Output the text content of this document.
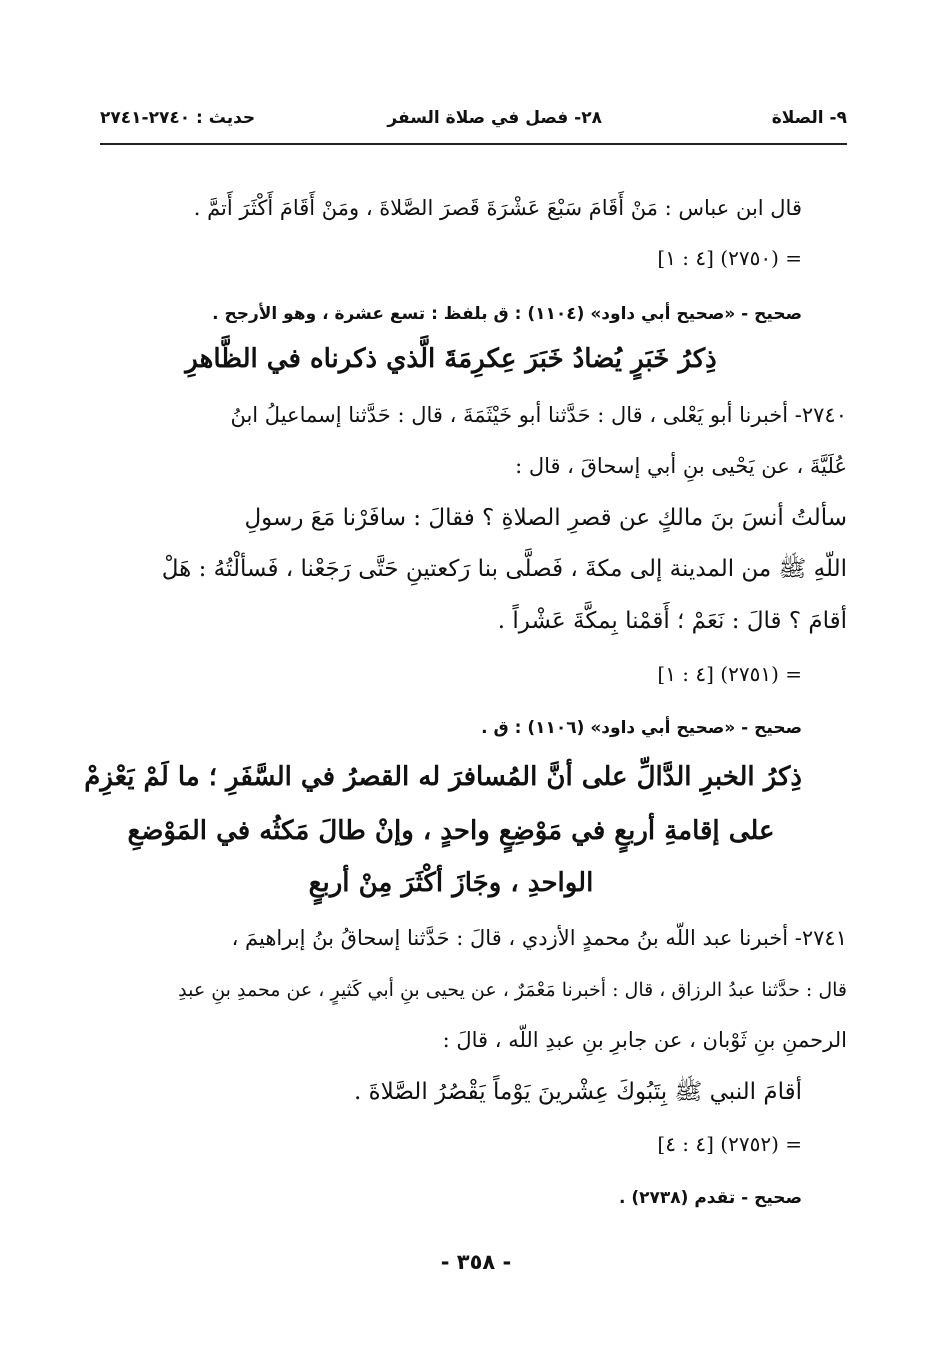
٩- الصلاة
٢٨- فصل في صلاة السفر
حديث : ٢٧٤٠-٢٧٤١
قال ابن عباس : مَنْ أَقَامَ سَبْعَ عَشْرَةَ قَصرَ الصَّلاةَ ، ومَنْ أَقَامَ أَكْثَرَ أَتمَّ .
= (٢٧٥٠) [٤ : ١]
صحيح - «صحيح أبي داود» (١١٠٤) : ق بلفظ : تسع عشرة ، وهو الأرجح .
ذِكرُ خَبَرٍ يُضادُ خَبَرَ عِكرِمَةَ الَّذي ذكرناه في الظَّاهرِ
٢٧٤٠- أخبرنا أبو يَعْلى ، قال : حَدَّثنا أبو خَيْثَمَةَ ، قال : حَدَّثنا إسماعيلُ ابنُ
عُلَيَّةَ ، عن يَحْيى بنِ أبي إسحاقَ ، قال :
سألتُ أنسَ بنَ مالكٍ عن قصرِ الصلاةِ ؟ فقالَ : سافَرْنا مَعَ رسولِ
اللّهِ ﷺ من المدينة إلى مكةَ ، فَصلَّى بنا رَكعتينِ حَتَّى رَجَعْنا ، فَسألْتُهُ : هَلْ
أقامَ ؟ قالَ : نَعَمْ ؛ أَقمْنا بِمكَّةَ عَشْراً .
= (٢٧٥١) [٤ : ١]
صحيح - «صحيح أبي داود» (١١٠٦) : ق .
ذِكرُ الخبرِ الدَّالِّ على أنَّ المُسافرَ له القصرُ في السَّفَرِ ؛ ما لَمْ يَعْزِمْ
على إقامةِ أربعٍ في مَوْضِعٍ واحدٍ ، وإنْ طالَ مَكثُه في المَوْضعِ
الواحدِ ، وجَازَ أكْثَرَ مِنْ أربعٍ
٢٧٤١- أخبرنا عبد اللّه بنُ محمدٍ الأزدي ، قالَ : حَدَّثنا إسحاقُ بنُ إبراهيمَ ،
قال : حدَّثنا عبدُ الرزاق ، قال : أخبرنا مَعْمَرٌ ، عن يحيى بنِ أبي كَثيرٍ ، عن محمدِ بنِ عبدِ
الرحمنِ بنِ ثَوْبان ، عن جابرِ بنِ عبدِ اللّه ، قالَ :
أقامَ النبي ﷺ بِتَبُوكَ عِشْرينَ يَوْماً يَقْصُرُ الصَّلاةَ .
= (٢٧٥٢) [٤ : ٤]
صحيح - تقدم (٢٧٣٨) .
- ٣٥٨ -
